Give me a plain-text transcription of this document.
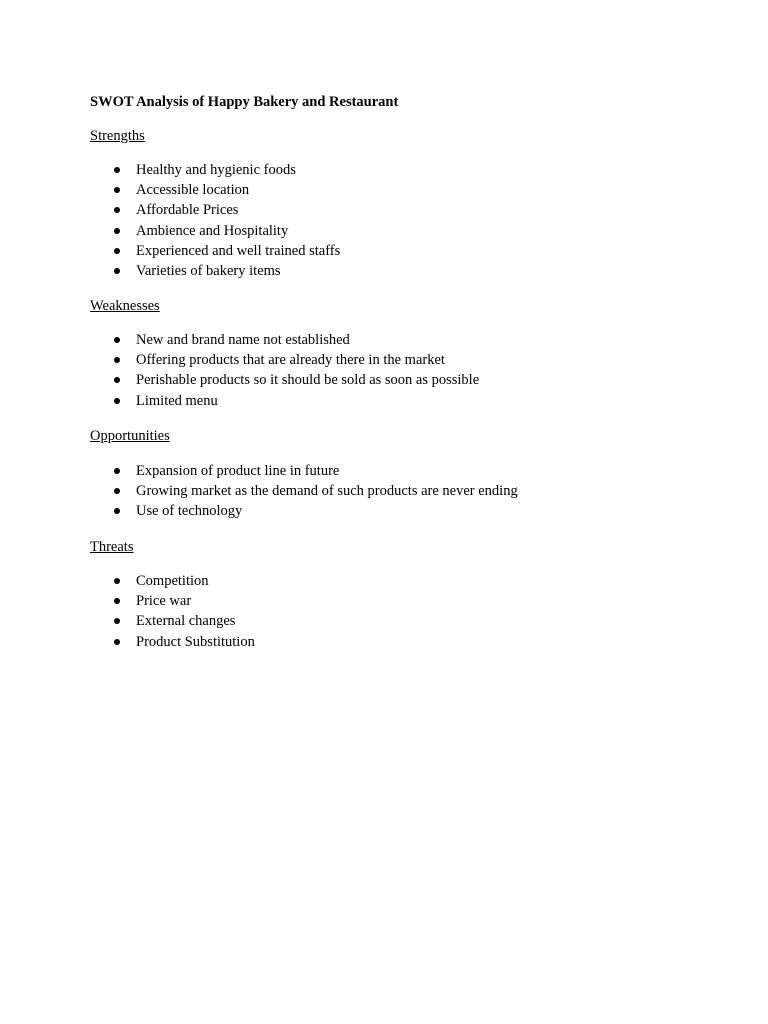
SWOT Analysis of Happy Bakery and Restaurant
Strengths
Healthy and hygienic foods
Accessible location
Affordable Prices
Ambience and Hospitality
Experienced and well trained staffs
Varieties of bakery items
Weaknesses
New and brand name not established
Offering products that are already there in the market
Perishable products so it should be sold as soon as possible
Limited menu
Opportunities
Expansion of product line in future
Growing market as the demand of such products are never ending
Use of technology
Threats
Competition
Price war
External changes
Product Substitution
